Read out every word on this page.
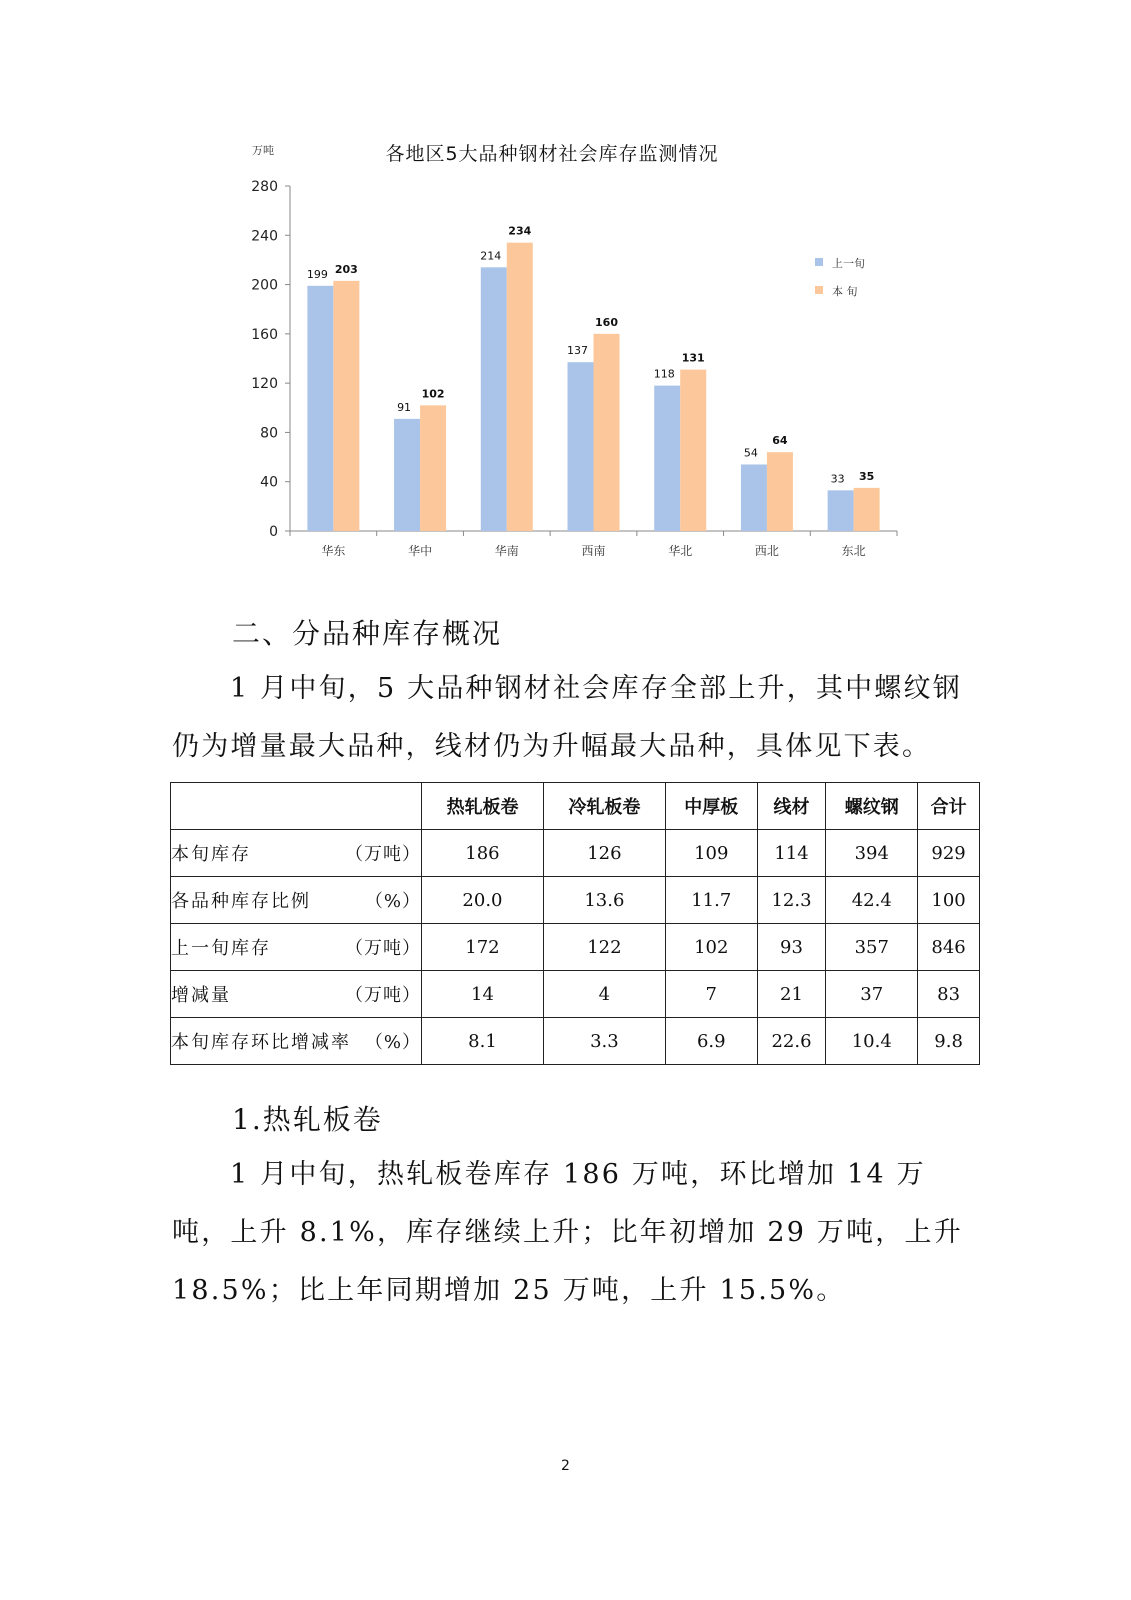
万吨	各地区5大品种钢材社会库存监测情况
0
40
80
120
160
200
240
280
华东	华中	华南	西南	华北	西北	东北
199 203
91
102
214
234
137
160
118
131
54
64
33 35
上一旬
本 旬
二、分品种库存概况

1 月中旬，5 大品种钢材社会库存全部上升，其中螺纹钢仍为增量最大品种，线材仍为升幅最大品种，具体见下表。

	热轧板卷	冷轧板卷	中厚板	线材	螺纹钢	合计

本旬库存 （万吨）	186	126	109	114	394	929

各品种库存比例 （%）	20.0	13.6	11.7	12.3	42.4	100

上一旬库存 （万吨）	172	122	102	93	357	846

增减量 （万吨）	14	4	7	21	37	83

本旬库存环比增减率 （%）	8.1	3.3	6.9	22.6	10.4	9.8
1.热轧板卷

1 月中旬，热轧板卷库存 186 万吨，环比增加 14 万吨，上升 8.1%，库存继续上升；比年初增加 29 万吨，上升 18.5%；比上年同期增加 25 万吨，上升 15.5%。

2
